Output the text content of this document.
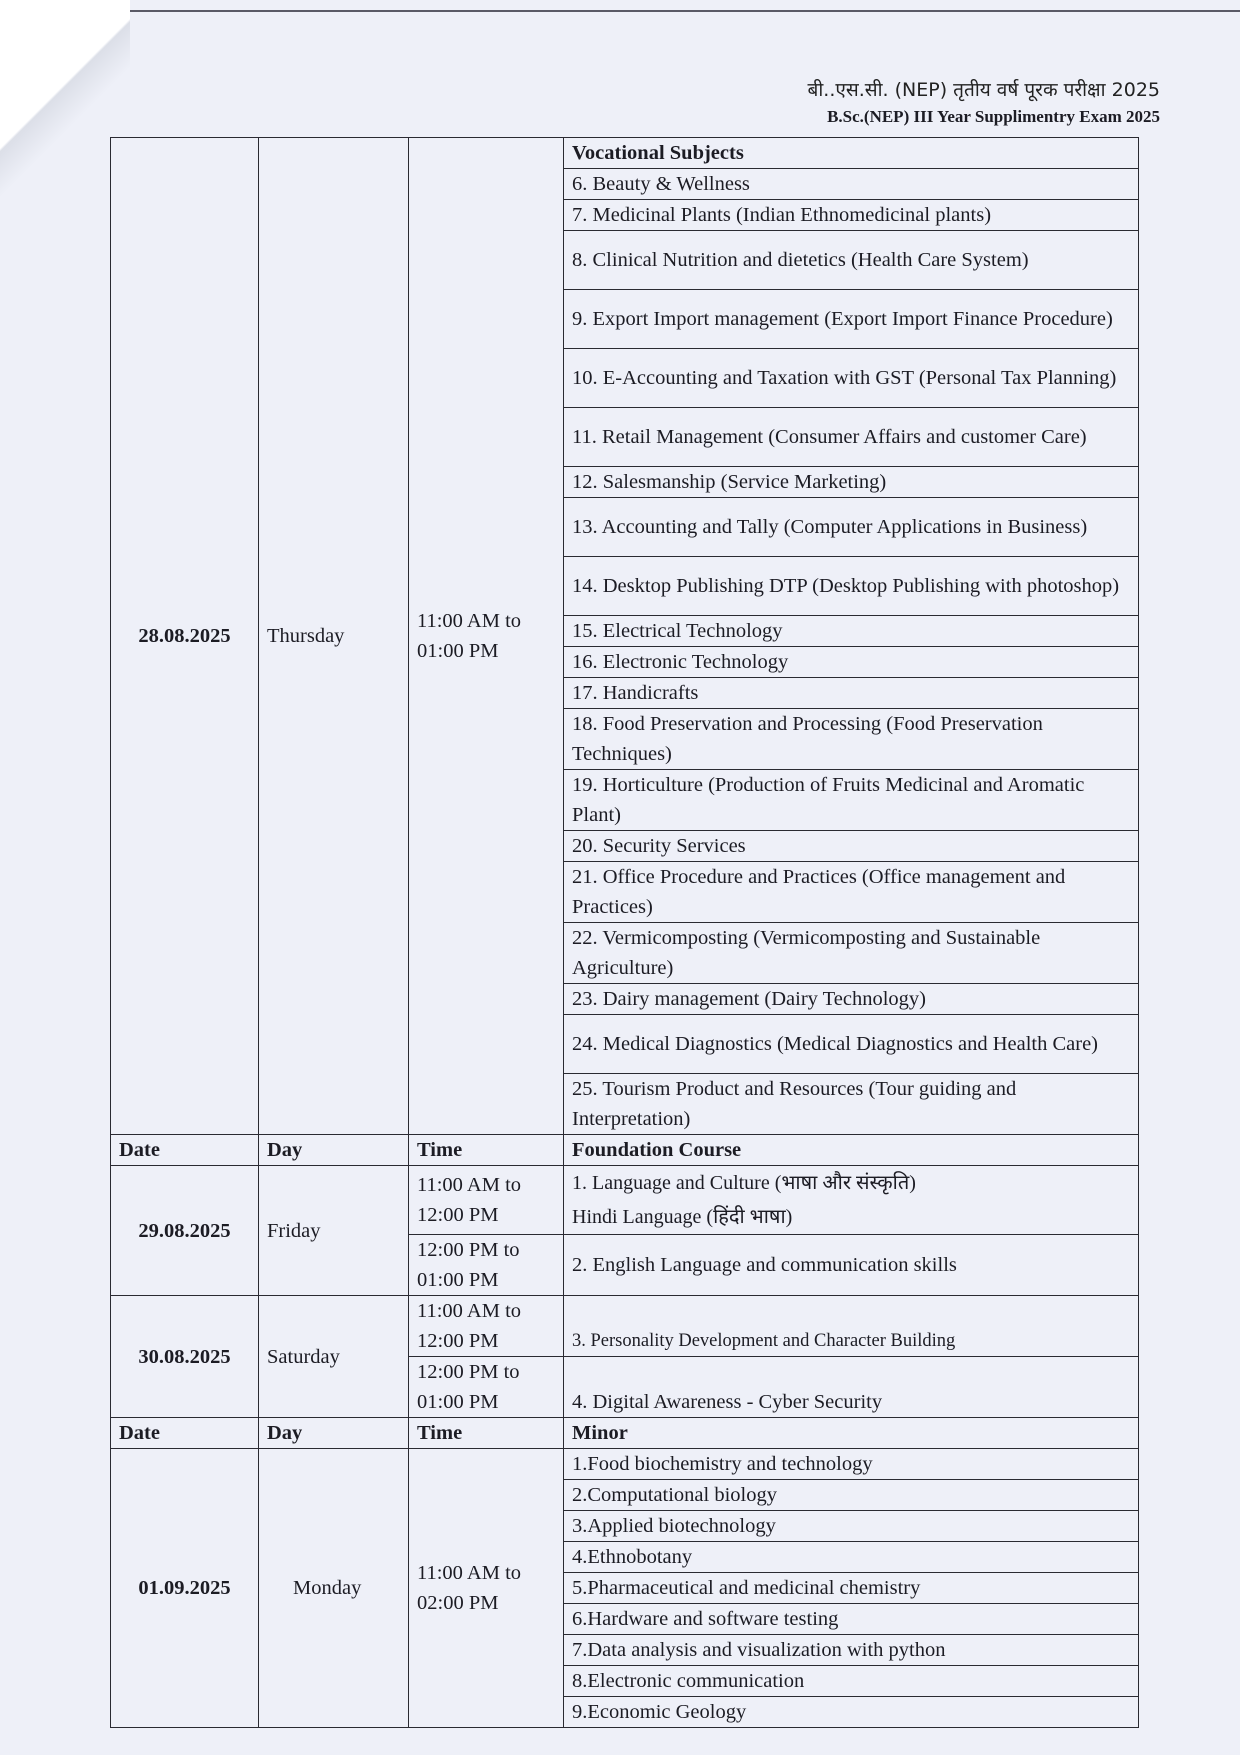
बी..एस.सी. (NEP) तृतीय वर्ष पूरक परीक्षा 2025
B.Sc.(NEP) III Year Supplimentry Exam 2025
28.08.2025	Thursday	11:00 AM to 01:00 PM	Vocational Subjects
			6. Beauty & Wellness
			7. Medicinal Plants (Indian Ethnomedicinal plants)
			8. Clinical Nutrition and dietetics (Health Care System)
			9. Export Import management (Export Import Finance Procedure)
			10. E-Accounting and Taxation with GST (Personal Tax Planning)
			11. Retail Management (Consumer Affairs and customer Care)
			12. Salesmanship (Service Marketing)
			13. Accounting and Tally (Computer Applications in Business)
			14. Desktop Publishing DTP (Desktop Publishing with photoshop)
			15. Electrical Technology
			16. Electronic Technology
			17. Handicrafts
			18. Food Preservation and Processing (Food Preservation Techniques)
			19. Horticulture (Production of Fruits Medicinal and Aromatic Plant)
			20. Security Services
			21. Office Procedure and Practices (Office management and Practices)
			22. Vermicomposting (Vermicomposting and Sustainable Agriculture)
			23. Dairy management (Dairy Technology)
			24. Medical Diagnostics (Medical Diagnostics and Health Care)
			25. Tourism Product and Resources (Tour guiding and Interpretation)
Date	Day	Time	Foundation Course
29.08.2025	Friday	11:00 AM to 12:00 PM	1. Language and Culture (भाषा और संस्कृति)
Hindi Language (हिंदी भाषा)

		12:00 PM to 01:00 PM	2. English Language and communication skills
30.08.2025	Saturday	11:00 AM to 12:00 PM	3. Personality Development and Character Building
		12:00 PM to 01:00 PM	4. Digital Awareness - Cyber Security
Date	Day	Time	Minor
01.09.2025	Monday	11:00 AM to 02:00 PM	1.Food biochemistry and technology
			2.Computational biology
			3.Applied biotechnology
			4.Ethnobotany
			5.Pharmaceutical and medicinal chemistry
			6.Hardware and software testing
			7.Data analysis and visualization with python
			8.Electronic communication
			9.Economic Geology
